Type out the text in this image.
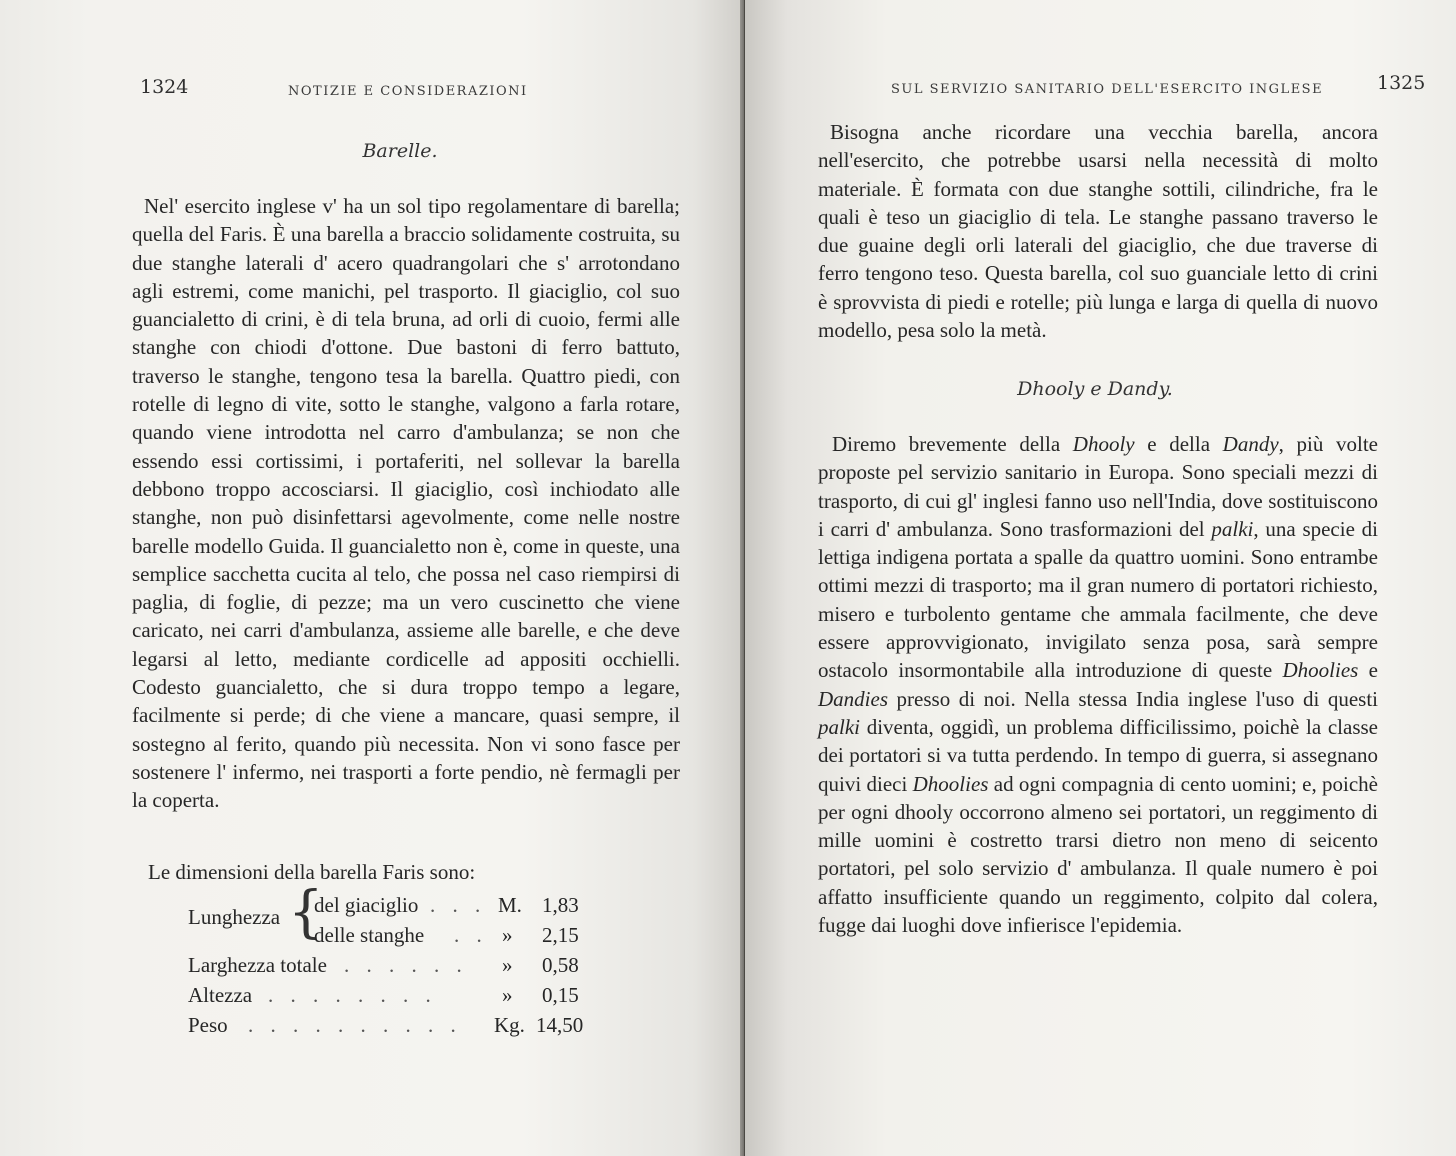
1324	NOTIZIE E CONSIDERAZIONI
Barelle.

Nel' esercito inglese v' ha un sol tipo regolamentare di barella; quella del Faris. È una barella a braccio solidamente costruita, su due stanghe laterali d' acero quadrangolari che s' arrotondano agli estremi, come manichi, pel trasporto. Il giaciglio, col suo guancialetto di crini, è di tela bruna, ad orli di cuoio, fermi alle stanghe con chiodi d'ottone. Due bastoni di ferro battuto, traverso le stanghe, tengono tesa la barella. Quattro piedi, con rotelle di legno di vite, sotto le stanghe, valgono a farla rotare, quando viene introdotta nel carro d'ambulanza; se non che essendo essi cortissimi, i portaferiti, nel sollevar la barella debbono troppo accosciarsi. Il giaciglio, così inchiodato alle stanghe, non può disinfettarsi agevolmente, come nelle nostre barelle modello Guida. Il guancialetto non è, come in queste, una semplice sacchetta cucita al telo, che possa nel caso riempirsi di paglia, di foglie, di pezze; ma un vero cuscinetto che viene caricato, nei carri d'ambulanza, assieme alle barelle, e che deve legarsi al letto, mediante cordicelle ad appositi occhielli. Codesto guancialetto, che si dura troppo tempo a legare, facilmente si perde; di che viene a mancare, quasi sempre, il sostegno al ferito, quando più necessita. Non vi sono fasce per sostenere l' infermo, nei trasporti a forte pendio, nè fermagli per la coperta.

Le dimensioni della barella Faris sono:
Lunghezza {
del giaciglio . . . M. 1,83
delle stanghe . . » 2,15
Larghezza totale . . . . . . » 0,58
Altezza . . . . . . . .	» 0,15
Peso . . . . . . . . . . Kg. 14,50
SUL SERVIZIO SANITARIO DELL'ESERCITO INGLESE	1325

Bisogna anche ricordare una vecchia barella, ancora nell'esercito, che potrebbe usarsi nella necessità di molto materiale. È formata con due stanghe sottili, cilindriche, fra le quali è teso un giaciglio di tela. Le stanghe passano traverso le due guaine degli orli laterali del giaciglio, che due traverse di ferro tengono teso. Questa barella, col suo guanciale letto di crini è sprovvista di piedi e rotelle; più lunga e larga di quella di nuovo modello, pesa solo la metà.

Dhooly e Dandy.

Diremo brevemente della Dhooly e della Dandy, più volte proposte pel servizio sanitario in Europa. Sono speciali mezzi di trasporto, di cui gl' inglesi fanno uso nell'India, dove sostituiscono i carri d' ambulanza. Sono trasformazioni del palki, una specie di lettiga indigena portata a spalle da quattro uomini. Sono entrambe ottimi mezzi di trasporto; ma il gran numero di portatori richiesto, misero e turbolento gentame che ammala facilmente, che deve essere approvvigionato, invigilato senza posa, sarà sempre ostacolo insormontabile alla introduzione di queste Dhoolies e Dandies presso di noi. Nella stessa India inglese l'uso di questi palki diventa, oggidì, un problema difficilissimo, poichè la classe dei portatori si va tutta perdendo. In tempo di guerra, si assegnano quivi dieci Dhoolies ad ogni compagnia di cento uomini; e, poichè per ogni dhooly occorrono almeno sei portatori, un reggimento di mille uomini è costretto trarsi dietro non meno di seicento portatori, pel solo servizio d' ambulanza. Il quale numero è poi affatto insufficiente quando un reggimento, colpito dal colera, fugge dai luoghi dove infierisce l'epidemia.
